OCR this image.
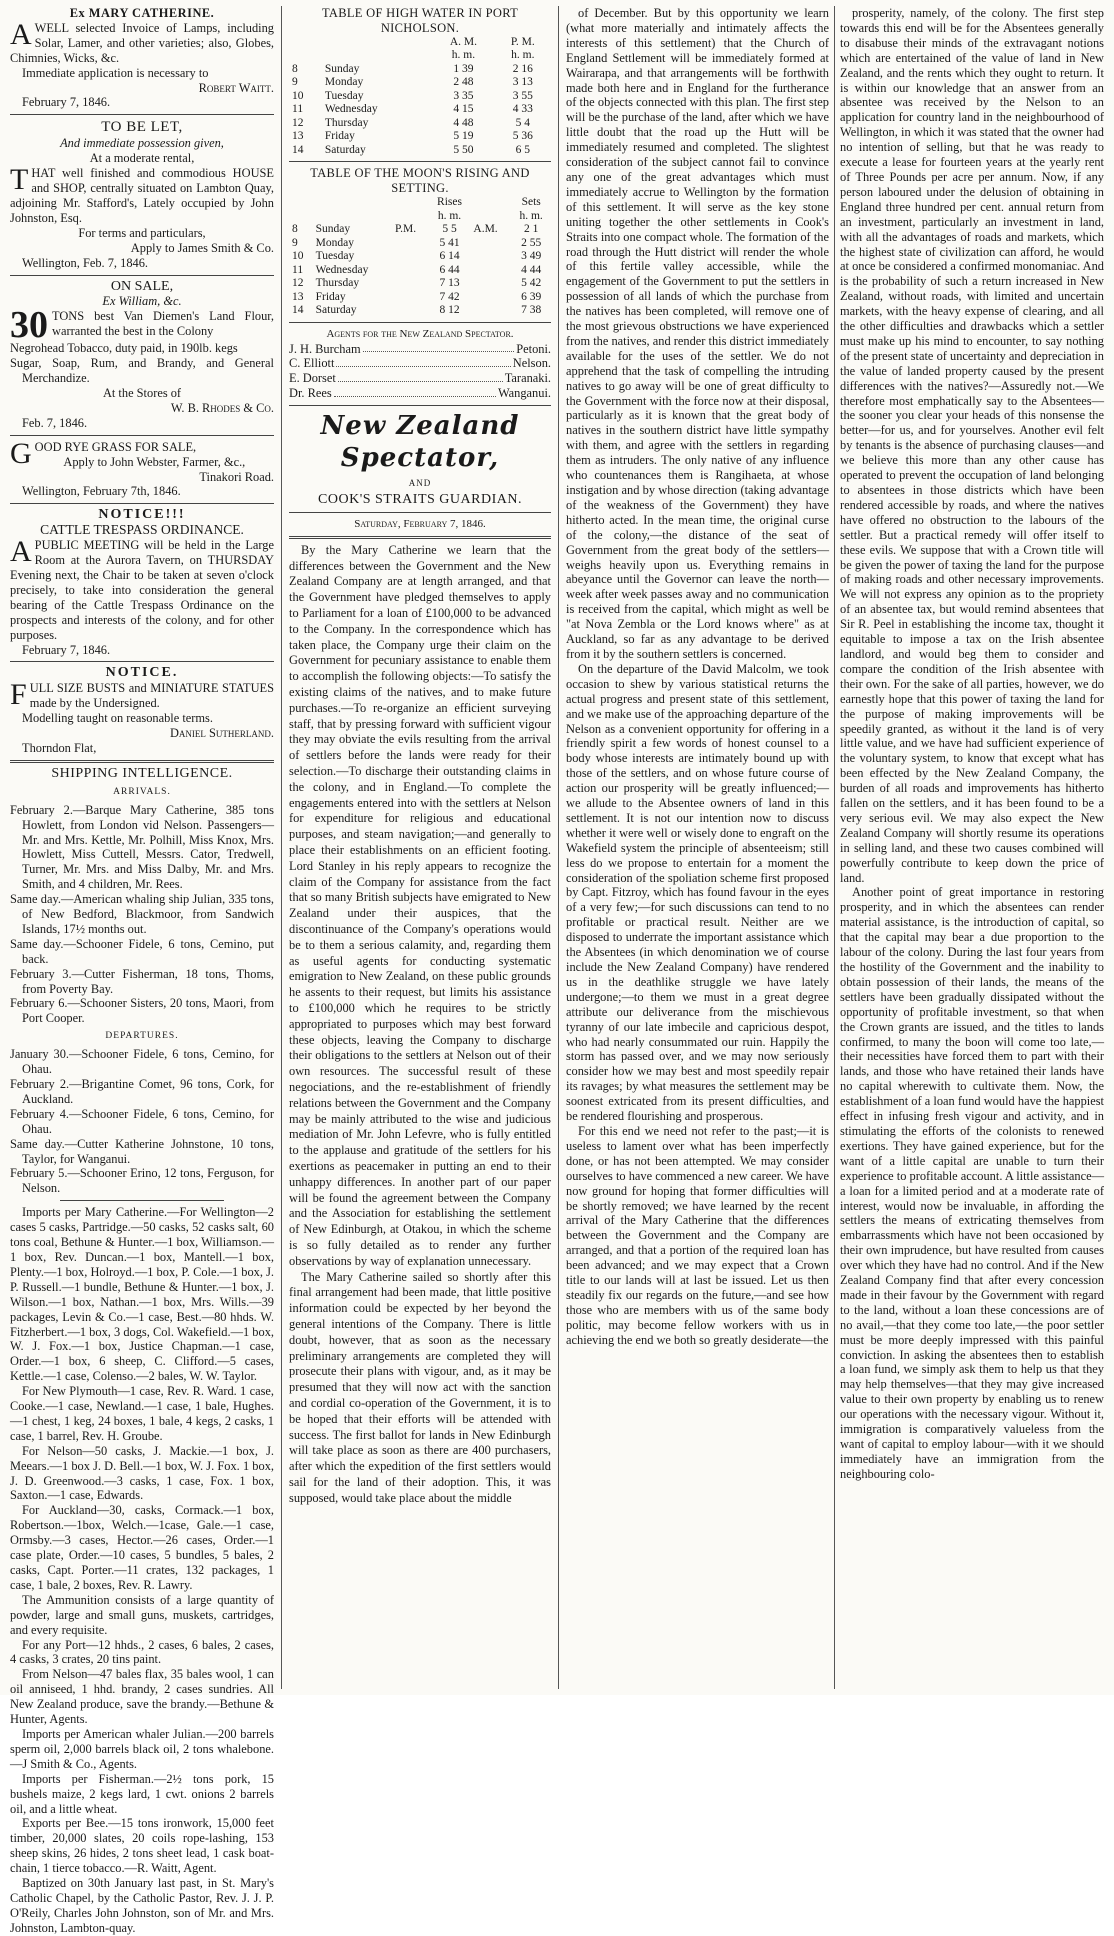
Ex MARY CATHERINE.

AWELL selected Invoice of Lamps, including Solar, Lamer, and other varieties; also, Globes, Chimnies, Wicks, &c.

Immediate application is necessary to

Robert Waitt.

February 7, 1846.

TO BE LET,

And immediate possession given,

At a moderate rental,

THAT well finished and commodious HOUSE and SHOP, centrally situated on Lambton Quay, adjoining Mr. Stafford's, Lately occupied by John Johnston, Esq.

For terms and particulars,

Apply to James Smith & Co.

Wellington, Feb. 7, 1846.

ON SALE,

Ex William, &c.

30 TONS best Van Diemen's Land Flour, warranted the best in the Colony

Negrohead Tobacco, duty paid, in 190lb. kegs

Sugar, Soap, Rum, and Brandy, and General Merchandize.

At the Stores of

W. B. Rhodes & Co.

Feb. 7, 1846.

GOOD RYE GRASS FOR SALE,

Apply to John Webster, Farmer, &c.,

Tinakori Road.

Wellington, February 7th, 1846.

NOTICE!!!

CATTLE TRESPASS ORDINANCE.

APUBLIC MEETING will be held in the Large Room at the Aurora Tavern, on THURSDAY Evening next, the Chair to be taken at seven o'clock precisely, to take into consideration the general bearing of the Cattle Trespass Ordinance on the prospects and interests of the colony, and for other purposes.

February 7, 1846.

NOTICE.

FULL SIZE BUSTS and MINIATURE STATUES made by the Undersigned.

Modelling taught on reasonable terms.

Daniel Sutherland.

Thorndon Flat,

SHIPPING INTELLIGENCE.

ARRIVALS.

February 2.—Barque Mary Catherine, 385 tons Howlett, from London vid Nelson. Passengers—Mr. and Mrs. Kettle, Mr. Polhill, Miss Knox, Mrs. Howlett, Miss Cuttell, Messrs. Cator, Tredwell, Turner, Mr. Mrs. and Miss Dalby, Mr. and Mrs. Smith, and 4 children, Mr. Rees.

Same day.—American whaling ship Julian, 335 tons, of New Bedford, Blackmoor, from Sandwich Islands, 17½ months out.

Same day.—Schooner Fidele, 6 tons, Cemino, put back.

February 3.—Cutter Fisherman, 18 tons, Thoms, from Poverty Bay.

February 6.—Schooner Sisters, 20 tons, Maori, from Port Cooper.

DEPARTURES.

January 30.—Schooner Fidele, 6 tons, Cemino, for Ohau.

February 2.—Brigantine Comet, 96 tons, Cork, for Auckland.

February 4.—Schooner Fidele, 6 tons, Cemino, for Ohau.

Same day.—Cutter Katherine Johnstone, 10 tons, Taylor, for Wanganui.

February 5.—Schooner Erino, 12 tons, Ferguson, for Nelson.

Imports per Mary Catherine.—For Wellington—2 cases 5 casks, Partridge.—50 casks, 52 casks salt, 60 tons coal, Bethune & Hunter.—1 box, Williamson.—1 box, Rev. Duncan.—1 box, Mantell.—1 box, Plenty.—1 box, Holroyd.—1 box, P. Cole.—1 box, J. P. Russell.—1 bundle, Bethune & Hunter.—1 box, J. Wilson.—1 box, Nathan.—1 box, Mrs. Wills.—39 packages, Levin & Co.—1 case, Best.—80 hhds. W. Fitzherbert.—1 box, 3 dogs, Col. Wakefield.—1 box, W. J. Fox.—1 box, Justice Chapman.—1 case, Order.—1 box, 6 sheep, C. Clifford.—5 cases, Kettle.—1 case, Colenso.—2 bales, W. W. Taylor.

For New Plymouth—1 case, Rev. R. Ward. 1 case, Cooke.—1 case, Newland.—1 case, 1 bale, Hughes.—1 chest, 1 keg, 24 boxes, 1 bale, 4 kegs, 2 casks, 1 case, 1 barrel, Rev. H. Groube.

For Nelson—50 casks, J. Mackie.—1 box, J. Meears.—1 box J. D. Bell.—1 box, W. J. Fox. 1 box, J. D. Greenwood.—3 casks, 1 case, Fox. 1 box, Saxton.—1 case, Edwards.

For Auckland—30, casks, Cormack.—1 box, Robertson.—1box, Welch.—1case, Gale.—1 case, Ormsby.—3 cases, Hector.—26 cases, Order.—1 case plate, Order.—10 cases, 5 bundles, 5 bales, 2 casks, Capt. Porter.—11 crates, 132 packages, 1 case, 1 bale, 2 boxes, Rev. R. Lawry.

The Ammunition consists of a large quantity of powder, large and small guns, muskets, cartridges, and every requisite.

For any Port—12 hhds., 2 cases, 6 bales, 2 cases, 4 casks, 3 crates, 20 tins paint.

From Nelson—47 bales flax, 35 bales wool, 1 can oil anniseed, 1 hhd. brandy, 2 cases sundries. All New Zealand produce, save the brandy.—Bethune & Hunter, Agents.

Imports per American whaler Julian.—200 barrels sperm oil, 2,000 barrels black oil, 2 tons whalebone.—J Smith & Co., Agents.

Imports per Fisherman.—2½ tons pork, 15 bushels maize, 2 kegs lard, 1 cwt. onions 2 barrels oil, and a little wheat.

Exports per Bee.—15 tons ironwork, 15,000 feet timber, 20,000 slates, 20 coils rope-lashing, 153 sheep skins, 26 hides, 2 tons sheet lead, 1 cask boat-chain, 1 tierce tobacco.—R. Waitt, Agent.

Baptized on 30th January last past, in St. Mary's Catholic Chapel, by the Catholic Pastor, Rev. J. J. P. O'Reily, Charles John Johnston, son of Mr. and Mrs. Johnston, Lambton-quay.

TABLE OF HIGH WATER IN PORT NICHOLSON.

		A. M.	P. M.
		h. m.	h. m.
8	Sunday	1 39	2 16
9	Monday	2 48	3 13
10	Tuesday	3 35	3 55
11	Wednesday	4 15	4 33
12	Thursday	4 48	5 4
13	Friday	5 19	5 36
14	Saturday	5 50	6 5

TABLE OF THE MOON'S RISING AND SETTING.

			Rises		Sets
			h. m.		h. m.
8	Sunday	P.M.	5 5	A.M.	2 1
9	Monday		5 41		2 55
10	Tuesday		6 14		3 49
11	Wednesday		6 44		4 44
12	Thursday		7 13		5 42
13	Friday		7 42		6 39
14	Saturday		8 12		7 38

Agents for the New Zealand Spectator.

J. H. Burcham	Petoni.
C. Elliott	Nelson.
E. Dorset	Taranaki.
Dr. Rees	Wanganui.

New Zealand Spectator,

AND

COOK'S STRAITS GUARDIAN.

Saturday, February 7, 1846.

By the Mary Catherine we learn that the differences between the Government and the New Zealand Company are at length arranged, and that the Government have pledged themselves to apply to Parliament for a loan of £100,000 to be advanced to the Company. In the correspondence which has taken place, the Company urge their claim on the Government for pecuniary assistance to enable them to accomplish the following objects:—To satisfy the existing claims of the natives, and to make future purchases.—To re-organize an efficient surveying staff, that by pressing forward with sufficient vigour they may obviate the evils resulting from the arrival of settlers before the lands were ready for their selection.—To discharge their outstanding claims in the colony, and in England.—To complete the engagements entered into with the settlers at Nelson for expenditure for religious and educational purposes, and steam navigation;—and generally to place their establishments on an efficient footing. Lord Stanley in his reply appears to recognize the claim of the Company for assistance from the fact that so many British subjects have emigrated to New Zealand under their auspices, that the discontinuance of the Company's operations would be to them a serious calamity, and, regarding them as useful agents for conducting systematic emigration to New Zealand, on these public grounds he assents to their request, but limits his assistance to £100,000 which he requires to be strictly appropriated to purposes which may best forward these objects, leaving the Company to discharge their obligations to the settlers at Nelson out of their own resources. The successful result of these negociations, and the re-establishment of friendly relations between the Government and the Company may be mainly attributed to the wise and judicious mediation of Mr. John Lefevre, who is fully entitled to the applause and gratitude of the settlers for his exertions as peacemaker in putting an end to their unhappy differences. In another part of our paper will be found the agreement between the Company and the Association for establishing the settlement of New Edinburgh, at Otakou, in which the scheme is so fully detailed as to render any further observations by way of explanation unnecessary.

The Mary Catherine sailed so shortly after this final arrangement had been made, that little positive information could be expected by her beyond the general intentions of the Company. There is little doubt, however, that as soon as the necessary preliminary arrangements are completed they will prosecute their plans with vigour, and, as it may be presumed that they will now act with the sanction and cordial co-operation of the Government, it is to be hoped that their efforts will be attended with success. The first ballot for lands in New Edinburgh will take place as soon as there are 400 purchasers, after which the expedition of the first settlers would sail for the land of their adoption. This, it was supposed, would take place about the middle

of December. But by this opportunity we learn (what more materially and intimately affects the interests of this settlement) that the Church of England Settlement will be immediately formed at Wairarapa, and that arrangements will be forthwith made both here and in England for the furtherance of the objects connected with this plan. The first step will be the purchase of the land, after which we have little doubt that the road up the Hutt will be immediately resumed and completed. The slightest consideration of the subject cannot fail to convince any one of the great advantages which must immediately accrue to Wellington by the formation of this settlement. It will serve as the key stone uniting together the other settlements in Cook's Straits into one compact whole. The formation of the road through the Hutt district will render the whole of this fertile valley accessible, while the engagement of the Government to put the settlers in possession of all lands of which the purchase from the natives has been completed, will remove one of the most grievous obstructions we have experienced from the natives, and render this district immediately available for the uses of the settler. We do not apprehend that the task of compelling the intruding natives to go away will be one of great difficulty to the Government with the force now at their disposal, particularly as it is known that the great body of natives in the southern district have little sympathy with them, and agree with the settlers in regarding them as intruders. The only native of any influence who countenances them is Rangihaeta, at whose instigation and by whose direction (taking advantage of the weakness of the Government) they have hitherto acted. In the mean time, the original curse of the colony,—the distance of the seat of Government from the great body of the settlers—weighs heavily upon us. Everything remains in abeyance until the Governor can leave the north—week after week passes away and no communication is received from the capital, which might as well be "at Nova Zembla or the Lord knows where" as at Auckland, so far as any advantage to be derived from it by the southern settlers is concerned.

On the departure of the David Malcolm, we took occasion to shew by various statistical returns the actual progress and present state of this settlement, and we make use of the approaching departure of the Nelson as a convenient opportunity for offering in a friendly spirit a few words of honest counsel to a body whose interests are intimately bound up with those of the settlers, and on whose future course of action our prosperity will be greatly influenced;—we allude to the Absentee owners of land in this settlement. It is not our intention now to discuss whether it were well or wisely done to engraft on the Wakefield system the principle of absenteeism; still less do we propose to entertain for a moment the consideration of the spoliation scheme first proposed by Capt. Fitzroy, which has found favour in the eyes of a very few;—for such discussions can tend to no profitable or practical result. Neither are we disposed to underrate the important assistance which the Absentees (in which denomination we of course include the New Zealand Company) have rendered us in the deathlike struggle we have lately undergone;—to them we must in a great degree attribute our deliverance from the mischievous tyranny of our late imbecile and capricious despot, who had nearly consummated our ruin. Happily the storm has passed over, and we may now seriously consider how we may best and most speedily repair its ravages; by what measures the settlement may be soonest extricated from its present difficulties, and be rendered flourishing and prosperous.

For this end we need not refer to the past;—it is useless to lament over what has been imperfectly done, or has not been attempted. We may consider ourselves to have commenced a new career. We have now ground for hoping that former difficulties will be shortly removed; we have learned by the recent arrival of the Mary Catherine that the differences between the Government and the Company are arranged, and that a portion of the required loan has been advanced; and we may expect that a Crown title to our lands will at last be issued. Let us then steadily fix our regards on the future,—and see how those who are members with us of the same body politic, may become fellow workers with us in achieving the end we both so greatly desiderate—the

prosperity, namely, of the colony. The first step towards this end will be for the Absentees generally to disabuse their minds of the extravagant notions which are entertained of the value of land in New Zealand, and the rents which they ought to return. It is within our knowledge that an answer from an absentee was received by the Nelson to an application for country land in the neighbourhood of Wellington, in which it was stated that the owner had no intention of selling, but that he was ready to execute a lease for fourteen years at the yearly rent of Three Pounds per acre per annum. Now, if any person laboured under the delusion of obtaining in England three hundred per cent. annual return from an investment, particularly an investment in land, with all the advantages of roads and markets, which the highest state of civilization can afford, he would at once be considered a confirmed monomaniac. And is the probability of such a return increased in New Zealand, without roads, with limited and uncertain markets, with the heavy expense of clearing, and all the other difficulties and drawbacks which a settler must make up his mind to encounter, to say nothing of the present state of uncertainty and depreciation in the value of landed property caused by the present differences with the natives?—Assuredly not.—We therefore most emphatically say to the Absentees—the sooner you clear your heads of this nonsense the better—for us, and for yourselves. Another evil felt by tenants is the absence of purchasing clauses—and we believe this more than any other cause has operated to prevent the occupation of land belonging to absentees in those districts which have been rendered accessible by roads, and where the natives have offered no obstruction to the labours of the settler. But a practical remedy will offer itself to these evils. We suppose that with a Crown title will be given the power of taxing the land for the purpose of making roads and other necessary improvements. We will not express any opinion as to the propriety of an absentee tax, but would remind absentees that Sir R. Peel in establishing the income tax, thought it equitable to impose a tax on the Irish absentee landlord, and would beg them to consider and compare the condition of the Irish absentee with their own. For the sake of all parties, however, we do earnestly hope that this power of taxing the land for the purpose of making improvements will be speedily granted, as without it the land is of very little value, and we have had sufficient experience of the voluntary system, to know that except what has been effected by the New Zealand Company, the burden of all roads and improvements has hitherto fallen on the settlers, and it has been found to be a very serious evil. We may also expect the New Zealand Company will shortly resume its operations in selling land, and these two causes combined will powerfully contribute to keep down the price of land.

Another point of great importance in restoring prosperity, and in which the absentees can render material assistance, is the introduction of capital, so that the capital may bear a due proportion to the labour of the colony. During the last four years from the hostility of the Government and the inability to obtain possession of their lands, the means of the settlers have been gradually dissipated without the opportunity of profitable investment, so that when the Crown grants are issued, and the titles to lands confirmed, to many the boon will come too late,—their necessities have forced them to part with their lands, and those who have retained their lands have no capital wherewith to cultivate them. Now, the establishment of a loan fund would have the happiest effect in infusing fresh vigour and activity, and in stimulating the efforts of the colonists to renewed exertions. They have gained experience, but for the want of a little capital are unable to turn their experience to profitable account. A little assistance—a loan for a limited period and at a moderate rate of interest, would now be invaluable, in affording the settlers the means of extricating themselves from embarrassments which have not been occasioned by their own imprudence, but have resulted from causes over which they have had no control. And if the New Zealand Company find that after every concession made in their favour by the Government with regard to the land, without a loan these concessions are of no avail,—that they come too late,—the poor settler must be more deeply impressed with this painful conviction. In asking the absentees then to establish a loan fund, we simply ask them to help us that they may help themselves—that they may give increased value to their own property by enabling us to renew our operations with the necessary vigour. Without it, immigration is comparatively valueless from the want of capital to employ labour—with it we should immediately have an immigration from the neighbouring colo-
